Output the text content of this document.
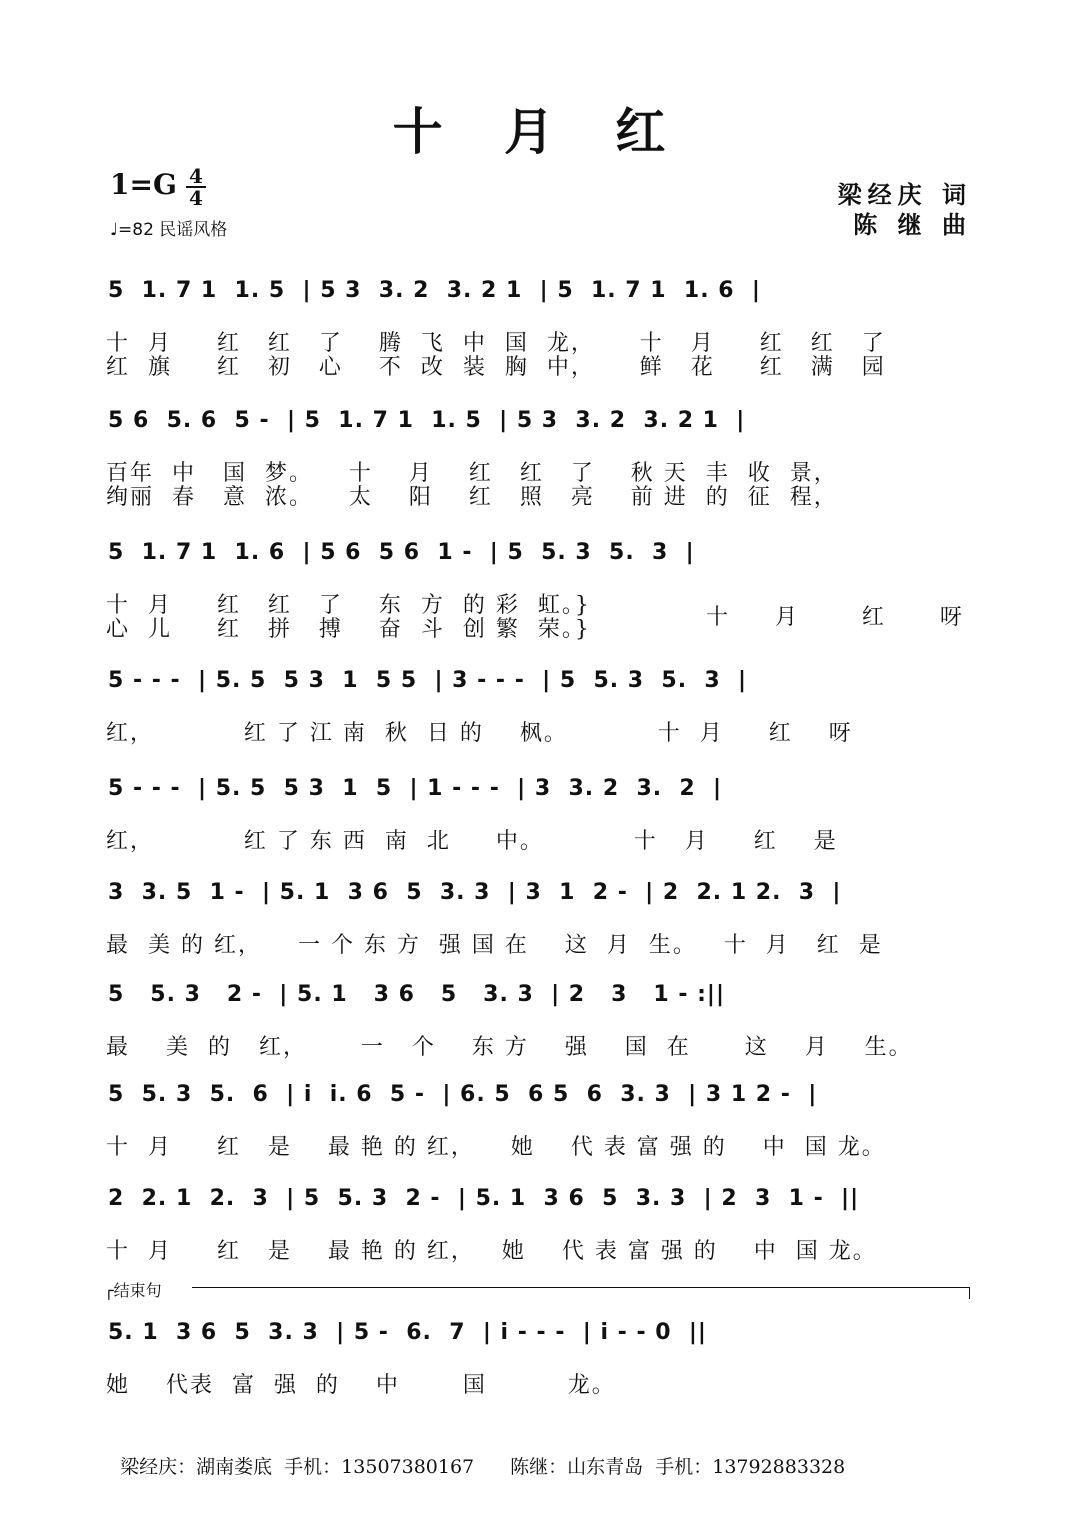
十 月 红
1=G 4
4
♩=82 民谣风格
梁经庆 词
陈 继 曲
5  1. 7 1  1. 5  | 5 3  3. 2  3. 2 1  | 5  1. 7 1  1. 6  |
十  月     红   红   了    腾  飞  中  国  龙，     十   月     红   红   了
红  旗     红   初   心    不  改  装  胸  中，     鲜   花     红   满   园
5 6  5. 6  5 -  | 5  1. 7 1  1. 5  | 5 3  3. 2  3. 2 1  |
百年  中   国  梦。    十    月    红   红   了    秋 天  丰  收  景，
绚丽  春   意  浓。    太    阳    红   照   亮    前 进  的  征  程，
5  1. 7 1  1. 6  | 5 6  5 6  1 -  | 5  5. 3  5.  3  |
十  月     红   红   了    东  方  的 彩  虹。}
心  儿     红   拼   搏    奋  斗  创 繁  荣。}	十     月       红      呀
5 - - -  | 5. 5  5 3  1  5 5  | 3 - - -  | 5  5. 3  5.  3  |
红，          红 了 江 南  秋  日 的    枫。          十  月     红    呀
5 - - -  | 5. 5  5 3  1  5  | 1 - - -  | 3  3. 2  3.  2  |
红，          红 了 东 西  南  北     中。          十   月     红    是
3  3. 5  1 -  | 5. 1  3 6  5  3. 3  | 3  1  2 -  | 2  2. 1 2.  3  |
最  美 的 红，    一 个 东 方  强 国 在    这  月  生。   十  月   红  是
5   5. 3   2 -  | 5. 1   3 6   5   3. 3  | 2   3   1 - :||
最    美  的   红，      一   个    东 方    强    国  在      这    月    生。
5  5. 3  5.  6  | i  i. 6  5 -  | 6. 5  6 5  6  3. 3  | 3 1 2 -  |
十  月     红   是    最 艳 的 红，    她    代 表 富 强 的    中  国 龙。
2  2. 1  2.  3  | 5  5. 3  2 -  | 5. 1  3 6  5  3. 3  | 2  3  1 -  ||
十  月     红   是    最 艳 的 红，   她    代 表 富 强 的    中  国 龙。
5. 1  3 6  5  3. 3  | 5 -  6.  7  | i - - -  | i - - 0  ||
她    代表  富  强  的    中       国         龙。
┌结束句

梁经庆：湖南娄底  手机：13507380167 陈继：山东青岛  手机：13792883328
